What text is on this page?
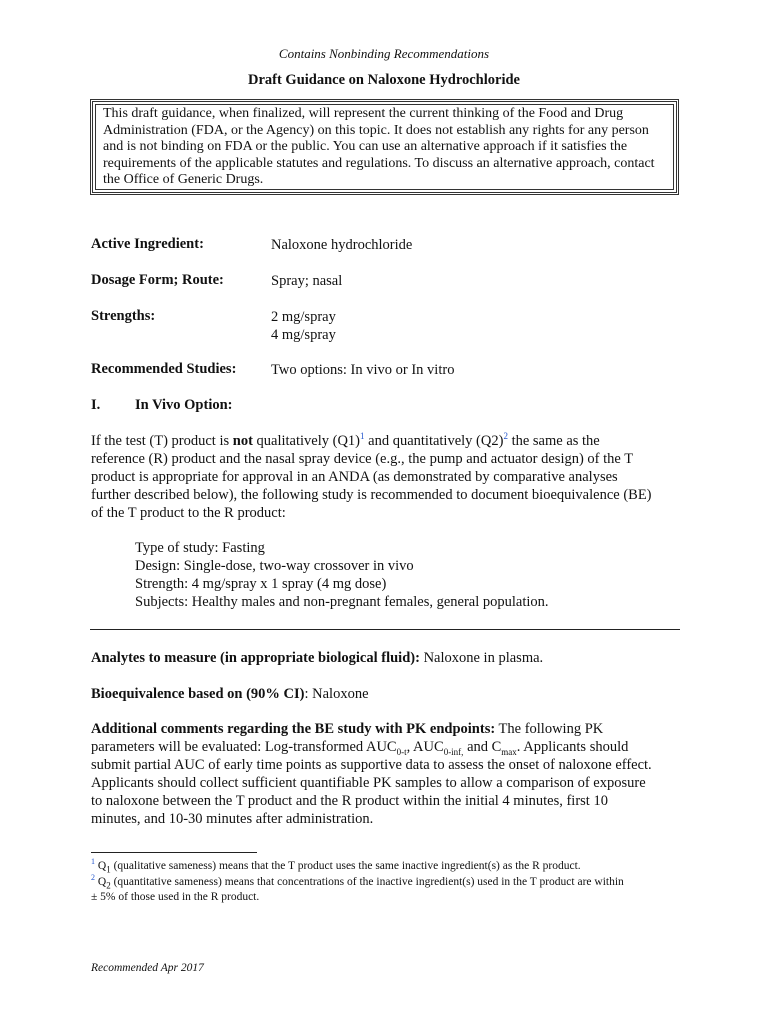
Contains Nonbinding Recommendations
Draft Guidance on Naloxone Hydrochloride
This draft guidance, when finalized, will represent the current thinking of the Food and Drug
Administration (FDA, or the Agency) on this topic. It does not establish any rights for any person
and is not binding on FDA or the public. You can use an alternative approach if it satisfies the
requirements of the applicable statutes and regulations. To discuss an alternative approach, contact
the Office of Generic Drugs.
Active Ingredient:	Naloxone hydrochloride
Dosage Form; Route:	Spray; nasal
Strengths:	2 mg/spray
4 mg/spray
Recommended Studies: Two options: In vivo or In vitro
I. In Vivo Option:
If the test (T) product is not qualitatively $(Q1)^1$ and quantitatively $(Q2)^2$ the same as the
reference (R) product and the nasal spray device (e.g., the pump and actuator design) of the T
product is appropriate for approval in an ANDA (as demonstrated by comparative analyses
further described below), the following study is recommended to document bioequivalence (BE)
of the T product to the R product:
Type of study: Fasting
Design: Single-dose, two-way crossover in vivo
Strength: 4 mg/spray x 1 spray (4 mg dose)
Subjects: Healthy males and non-pregnant females, general population.
Analytes to measure (in appropriate biological fluid): Naloxone in plasma.
Bioequivalence based on (90% CI): Naloxone
Additional comments regarding the BE study with PK endpoints: The following PK
parameters will be evaluated: Log-transformed $AUC_{0-t}$, $AUC_{0-inf,}$ and $C_{max}$. Applicants should
submit partial AUC of early time points as supportive data to assess the onset of naloxone effect.
Applicants should collect sufficient quantifiable PK samples to allow a comparison of exposure
to naloxone between the T product and the R product within the initial 4 minutes, first 10
minutes, and 10-30 minutes after administration.
$^1$ $Q_1$ (qualitative sameness) means that the T product uses the same inactive ingredient(s) as the R product.
$^2$ $Q_2$ (quantitative sameness) means that concentrations of the inactive ingredient(s) used in the T product are within
± 5% of those used in the R product.
Recommended Apr 2017
